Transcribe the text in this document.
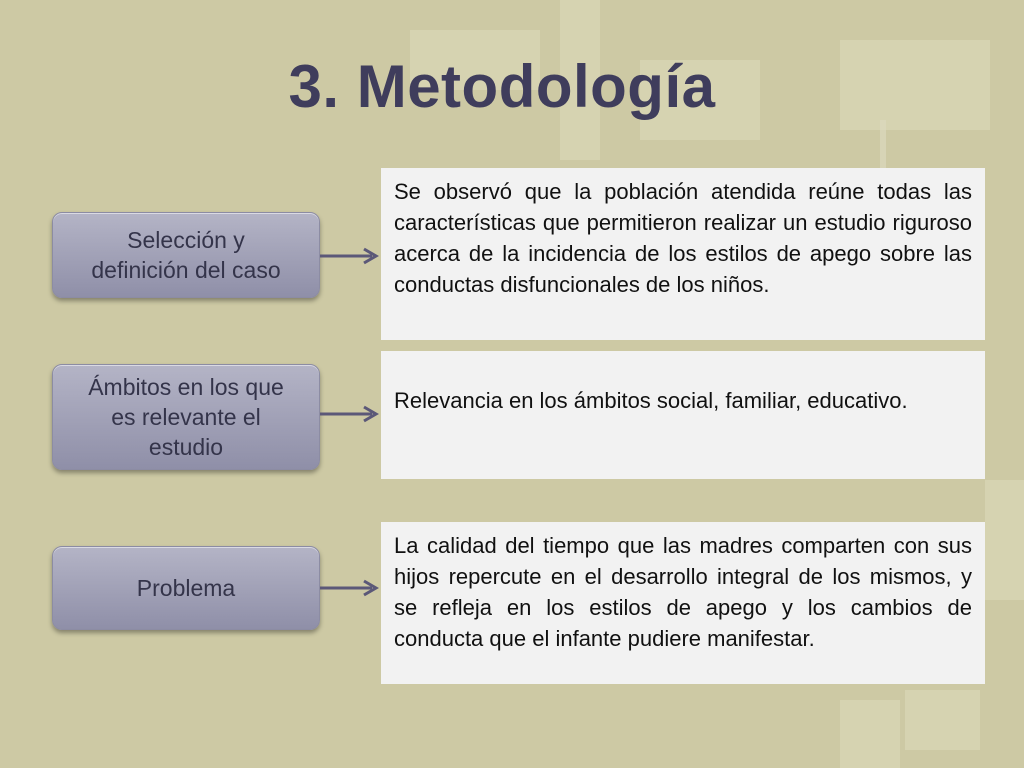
3. Metodología
Selección y
definición del caso
Se observó que la población atendida reúne todas las características que permitieron realizar un estudio riguroso acerca de la incidencia de los estilos de apego sobre las conductas disfuncionales de los niños.
Ámbitos en los que
es relevante el
estudio
Relevancia en los ámbitos social, familiar, educativo.
Problema
La calidad del tiempo que las madres comparten con sus hijos repercute en el desarrollo integral de los mismos, y se refleja en los estilos de apego y los cambios de conducta que el infante pudiere manifestar.
